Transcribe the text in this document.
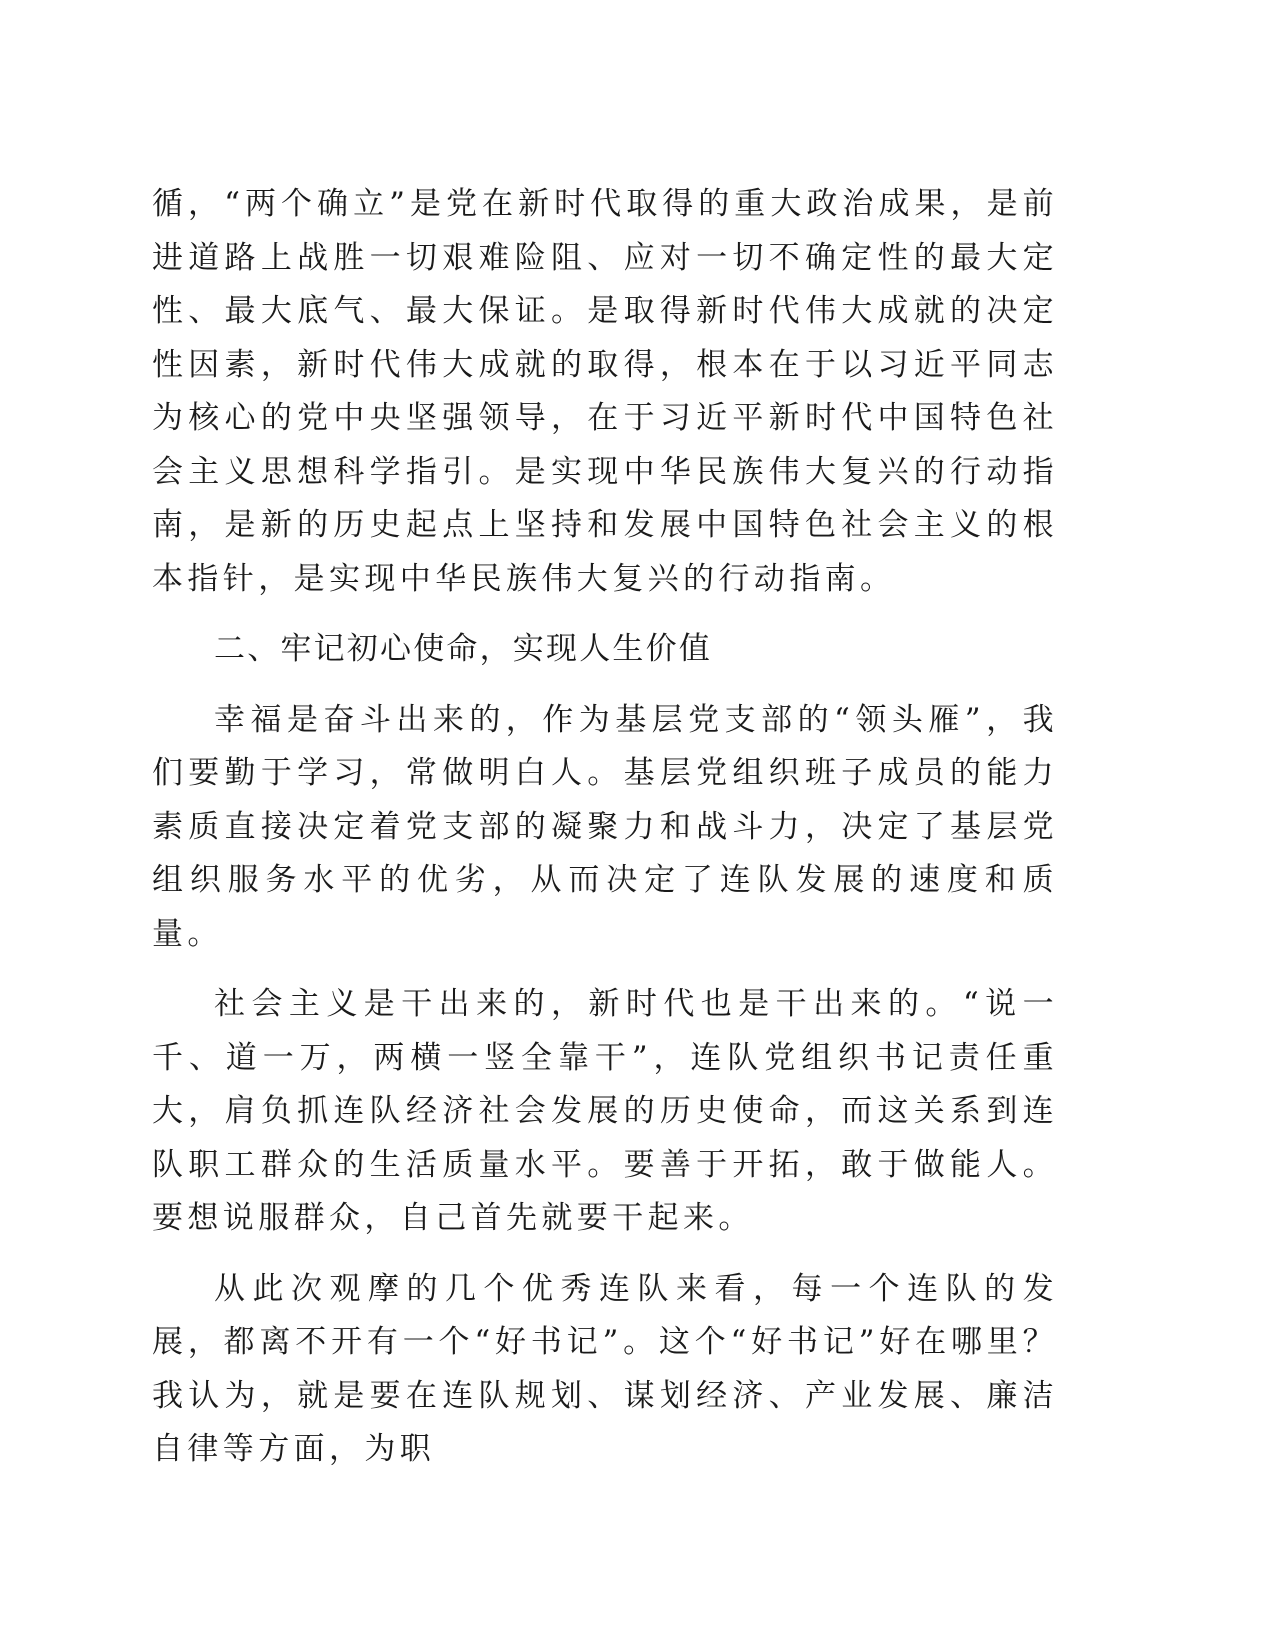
循，“两个确立”是党在新时代取得的重大政治成果，是前进道路上战胜一切艰难险阻、应对一切不确定性的最大定性、最大底气、最大保证。是取得新时代伟大成就的决定性因素，新时代伟大成就的取得，根本在于以习近平同志为核心的党中央坚强领导，在于习近平新时代中国特色社会主义思想科学指引。是实现中华民族伟大复兴的行动指南，是新的历史起点上坚持和发展中国特色社会主义的根本指针，是实现中华民族伟大复兴的行动指南。

二、牢记初心使命，实现人生价值

幸福是奋斗出来的，作为基层党支部的“领头雁”，我们要勤于学习，常做明白人。基层党组织班子成员的能力素质直接决定着党支部的凝聚力和战斗力，决定了基层党组织服务水平的优劣，从而决定了连队发展的速度和质量。

社会主义是干出来的，新时代也是干出来的。“说一千、道一万，两横一竖全靠干”，连队党组织书记责任重大，肩负抓连队经济社会发展的历史使命，而这关系到连队职工群众的生活质量水平。要善于开拓，敢于做能人。要想说服群众，自己首先就要干起来。

从此次观摩的几个优秀连队来看，每一个连队的发展，都离不开有一个“好书记”。这个“好书记”好在哪里？我认为，就是要在连队规划、谋划经济、产业发展、廉洁自律等方面，为职
